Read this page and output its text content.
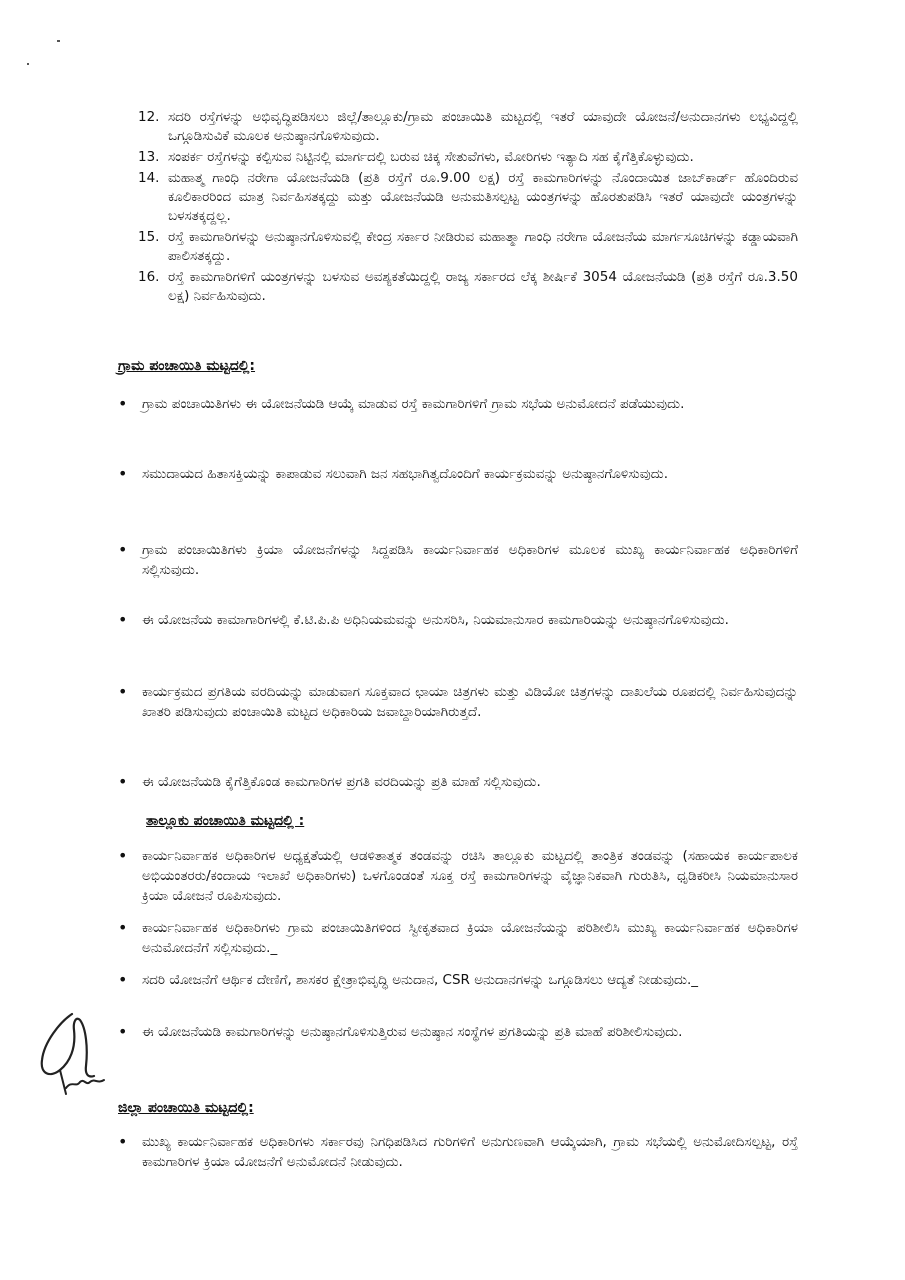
12. ಸದರಿ ರಸ್ತೆಗಳನ್ನು ಅಭಿವೃದ್ಧಿಪಡಿಸಲು ಜಿಲ್ಲೆ/ತಾಲ್ಲೂಕು/ಗ್ರಾಮ ಪಂಚಾಯಿತಿ ಮಟ್ಟದಲ್ಲಿ ಇತರೆ ಯಾವುದೇ ಯೋಜನೆ/ಅನುದಾನಗಳು ಲಭ್ಯವಿದ್ದಲ್ಲಿ ಒಗ್ಗೂಡಿಸುವಿಕೆ ಮೂಲಕ ಅನುಷ್ಠಾನಗೊಳಿಸುವುದು.
13. ಸಂಪರ್ಕ ರಸ್ತೆಗಳನ್ನು ಕಲ್ಪಿಸುವ ನಿಟ್ಟಿನಲ್ಲಿ ಮಾರ್ಗದಲ್ಲಿ ಬರುವ ಚಿಕ್ಕ ಸೇತುವೆಗಳು, ಮೋರಿಗಳು ಇತ್ಯಾದಿ ಸಹ ಕೈಗೆತ್ತಿಕೊಳ್ಳುವುದು.
14. ಮಹಾತ್ಮ ಗಾಂಧಿ ನರೇಗಾ ಯೋಜನೆಯಡಿ (ಪ್ರತಿ ರಸ್ತೆಗೆ ರೂ.9.00 ಲಕ್ಷ) ರಸ್ತೆ ಕಾಮಗಾರಿಗಳನ್ನು ನೊಂದಾಯಿತ ಜಾಬ್‌ಕಾರ್ಡ್ ಹೊಂದಿರುವ ಕೂಲಿಕಾರರಿಂದ ಮಾತ್ರ ನಿರ್ವಹಿಸತಕ್ಕದ್ದು ಮತ್ತು ಯೋಜನೆಯಡಿ ಅನುಮತಿಸಲ್ಪಟ್ಟ ಯಂತ್ರಗಳನ್ನು ಹೊರತುಪಡಿಸಿ ಇತರೆ ಯಾವುದೇ ಯಂತ್ರಗಳನ್ನು ಬಳಸತಕ್ಕದ್ದಲ್ಲ.
15. ರಸ್ತೆ ಕಾಮಗಾರಿಗಳನ್ನು ಅನುಷ್ಠಾನಗೊಳಿಸುವಲ್ಲಿ ಕೇಂದ್ರ ಸರ್ಕಾರ ನೀಡಿರುವ ಮಹಾತ್ಮಾ ಗಾಂಧಿ ನರೇಗಾ ಯೋಜನೆಯ ಮಾರ್ಗಸೂಚಿಗಳನ್ನು ಕಡ್ಡಾಯವಾಗಿ ಪಾಲಿಸತಕ್ಕದ್ದು.
16. ರಸ್ತೆ ಕಾಮಗಾರಿಗಳಿಗೆ ಯಂತ್ರಗಳನ್ನು ಬಳಸುವ ಅವಶ್ಯಕತೆಯಿದ್ದಲ್ಲಿ ರಾಜ್ಯ ಸರ್ಕಾರದ ಲೆಕ್ಕ ಶೀರ್ಷಿಕೆ 3054 ಯೋಜನೆಯಡಿ (ಪ್ರತಿ ರಸ್ತೆಗೆ ರೂ.3.50 ಲಕ್ಷ) ನಿರ್ವಹಿಸುವುದು.
ಗ್ರಾಮ ಪಂಚಾಯಿತಿ ಮಟ್ಟದಲ್ಲಿ:
•	ಗ್ರಾಮ ಪಂಚಾಯಿತಿಗಳು ಈ ಯೋಜನೆಯಡಿ ಆಯ್ಕೆ ಮಾಡುವ ರಸ್ತೆ ಕಾಮಗಾರಿಗಳಿಗೆ ಗ್ರಾಮ ಸಭೆಯ ಅನುಮೋದನೆ ಪಡೆಯುವುದು.
•	ಸಮುದಾಯದ ಹಿತಾಸಕ್ತಿಯನ್ನು ಕಾಪಾಡುವ ಸಲುವಾಗಿ ಜನ ಸಹಭಾಗಿತ್ವದೊಂದಿಗೆ ಕಾರ್ಯಕ್ರಮವನ್ನು ಅನುಷ್ಠಾನಗೊಳಿಸುವುದು.
•	ಗ್ರಾಮ ಪಂಚಾಯಿತಿಗಳು ಕ್ರಿಯಾ ಯೋಜನೆಗಳನ್ನು ಸಿದ್ದಪಡಿಸಿ ಕಾರ್ಯನಿರ್ವಾಹಕ ಅಧಿಕಾರಿಗಳ ಮೂಲಕ ಮುಖ್ಯ ಕಾರ್ಯನಿರ್ವಾಹಕ ಅಧಿಕಾರಿಗಳಿಗೆ ಸಲ್ಲಿಸುವುದು.
•	ಈ ಯೋಜನೆಯ ಕಾಮಾಗಾರಿಗಳಲ್ಲಿ ಕೆ.ಟಿ.ಪಿ.ಪಿ ಅಧಿನಿಯಮವನ್ನು ಅನುಸರಿಸಿ, ನಿಯಮಾನುಸಾರ ಕಾಮಗಾರಿಯನ್ನು ಅನುಷ್ಠಾನಗೊಳಿಸುವುದು.
•	ಕಾರ್ಯಕ್ರಮದ ಪ್ರಗತಿಯ ವರದಿಯನ್ನು ಮಾಡುವಾಗ ಸೂಕ್ತವಾದ ಛಾಯಾ ಚಿತ್ರಗಳು ಮತ್ತು ವಿಡಿಯೋ ಚಿತ್ರಗಳನ್ನು ದಾಖಲೆಯ ರೂಪದಲ್ಲಿ ನಿರ್ವಹಿಸುವುದನ್ನು ಖಾತರಿ ಪಡಿಸುವುದು ಪಂಚಾಯಿತಿ ಮಟ್ಟದ ಅಧಿಕಾರಿಯ ಜವಾಬ್ದಾರಿಯಾಗಿರುತ್ತದೆ.
•	ಈ ಯೋಜನೆಯಡಿ ಕೈಗೆತ್ತಿಕೊಂಡ ಕಾಮಗಾರಿಗಳ ಪ್ರಗತಿ ವರದಿಯನ್ನು ಪ್ರತಿ ಮಾಹೆ ಸಲ್ಲಿಸುವುದು.
ತಾಲ್ಲೂಕು ಪಂಚಾಯಿತಿ ಮಟ್ಟದಲ್ಲಿ :
•	ಕಾರ್ಯನಿರ್ವಾಹಕ ಅಧಿಕಾರಿಗಳ ಅಧ್ಯಕ್ಷತೆಯಲ್ಲಿ ಆಡಳಿತಾತ್ಮಕ ತಂಡವನ್ನು ರಚಿಸಿ ತಾಲ್ಲೂಕು ಮಟ್ಟದಲ್ಲಿ ತಾಂತ್ರಿಕ ತಂಡವನ್ನು (ಸಹಾಯಕ ಕಾರ್ಯಪಾಲಕ ಅಭಿಯಂತರರು/ಕಂದಾಯ ಇಲಾಖೆ ಅಧಿಕಾರಿಗಳು) ಒಳಗೊಂಡಂತೆ ಸೂಕ್ತ ರಸ್ತೆ ಕಾಮಗಾರಿಗಳನ್ನು ವೈಜ್ಞಾನಿಕವಾಗಿ ಗುರುತಿಸಿ, ಧೃಡಿಕರೀಸಿ ನಿಯಮಾನುಸಾರ ಕ್ರಿಯಾ ಯೋಜನೆ ರೂಪಿಸುವುದು.
•	ಕಾರ್ಯನಿರ್ವಾಹಕ ಅಧಿಕಾರಿಗಳು ಗ್ರಾಮ ಪಂಚಾಯಿತಿಗಳಿಂದ ಸ್ವೀಕೃತವಾದ ಕ್ರಿಯಾ ಯೋಜನೆಯನ್ನು ಪರಿಶೀಲಿಸಿ ಮುಖ್ಯ ಕಾರ್ಯನಿರ್ವಾಹಕ ಅಧಿಕಾರಿಗಳ ಅನುಮೋದನೆಗೆ ಸಲ್ಲಿಸುವುದು._
•	ಸದರಿ ಯೋಜನೆಗೆ ಆರ್ಥಿಕ ದೇಣಿಗೆ, ಶಾಸಕರ ಕ್ಷೇತ್ರಾಭಿವೃದ್ಧಿ ಅನುದಾನ, CSR ಅನುದಾನಗಳನ್ನು ಒಗ್ಗೂಡಿಸಲು ಆದ್ಯತೆ ನೀಡುವುದು._
•	ಈ ಯೋಜನೆಯಡಿ ಕಾಮಗಾರಿಗಳನ್ನು ಅನುಷ್ಠಾನಗೊಳಿಸುತ್ತಿರುವ ಅನುಷ್ಠಾನ ಸಂಸ್ಥೆಗಳ ಪ್ರಗತಿಯನ್ನು ಪ್ರತಿ ಮಾಹೆ ಪರಿಶೀಲಿಸುವುದು.
ಜಿಲ್ಲಾ ಪಂಚಾಯಿತಿ ಮಟ್ಟದಲ್ಲಿ:
•	ಮುಖ್ಯ ಕಾರ್ಯನಿರ್ವಾಹಕ ಅಧಿಕಾರಿಗಳು ಸರ್ಕಾರವು ನಿಗಧಿಪಡಿಸಿದ ಗುರಿಗಳಿಗೆ ಅನುಗುಣವಾಗಿ ಆಯ್ಕೆಯಾಗಿ, ಗ್ರಾಮ ಸಭೆಯಲ್ಲಿ ಅನುಮೋದಿಸಲ್ಪಟ್ಟ, ರಸ್ತೆ ಕಾಮಗಾರಿಗಳ ಕ್ರಿಯಾ ಯೋಜನೆಗೆ ಅನುಮೋದನೆ ನೀಡುವುದು.
